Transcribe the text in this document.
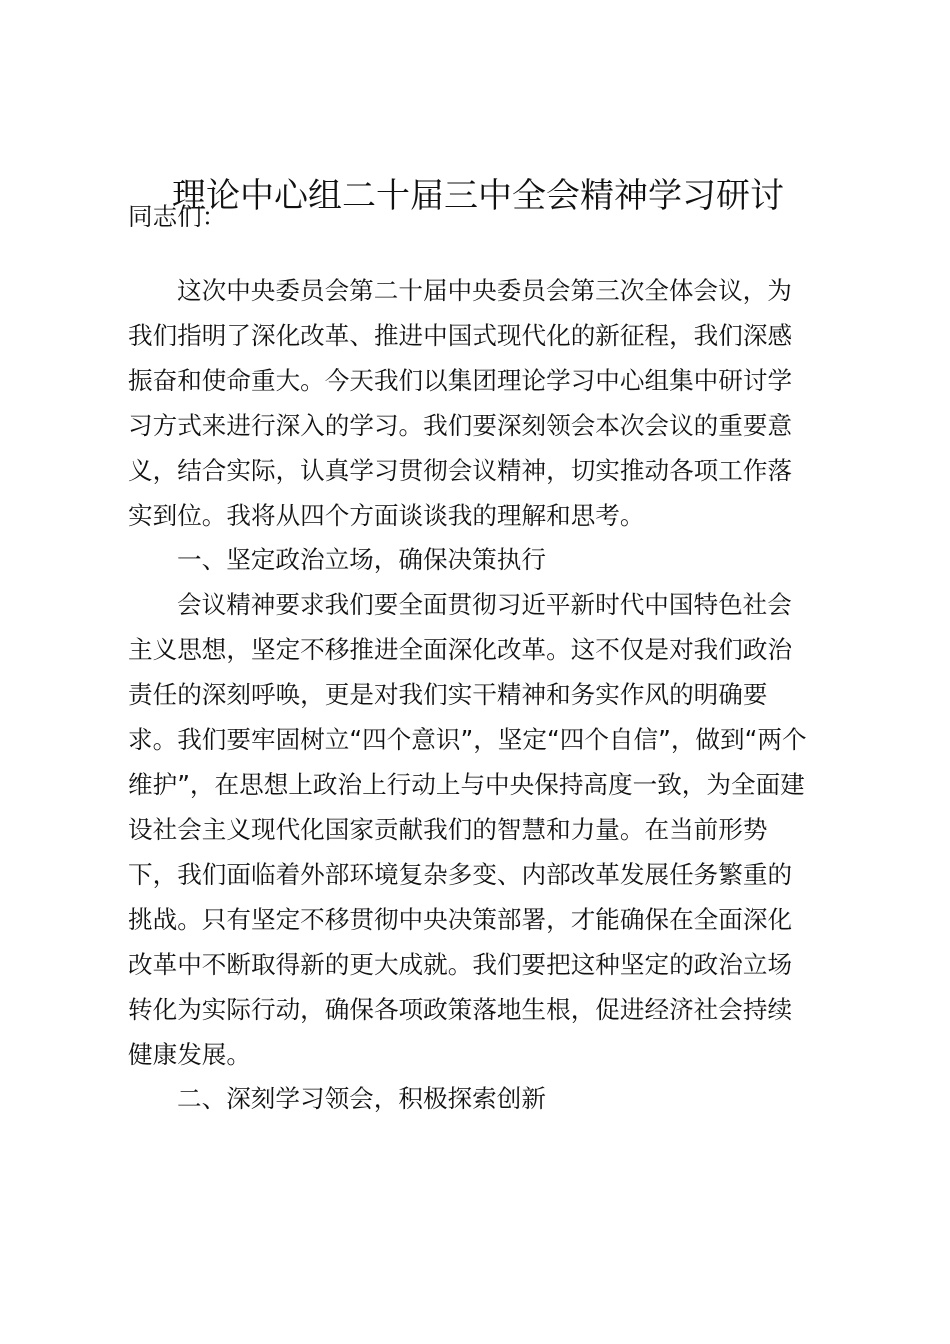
理论中心组二十届三中全会精神学习研讨
同志们：
这次中央委员会第二十届中央委员会第三次全体会议，为
我们指明了深化改革、推进中国式现代化的新征程，我们深感
振奋和使命重大。今天我们以集团理论学习中心组集中研讨学
习方式来进行深入的学习。我们要深刻领会本次会议的重要意
义，结合实际，认真学习贯彻会议精神，切实推动各项工作落
实到位。我将从四个方面谈谈我的理解和思考。
一、坚定政治立场，确保决策执行
会议精神要求我们要全面贯彻习近平新时代中国特色社会
主义思想，坚定不移推进全面深化改革。这不仅是对我们政治
责任的深刻呼唤，更是对我们实干精神和务实作风的明确要
求。我们要牢固树立“四个意识”，坚定“四个自信”，做到“两个
维护”，在思想上政治上行动上与中央保持高度一致，为全面建
设社会主义现代化国家贡献我们的智慧和力量。在当前形势
下，我们面临着外部环境复杂多变、内部改革发展任务繁重的
挑战。只有坚定不移贯彻中央决策部署，才能确保在全面深化
改革中不断取得新的更大成就。我们要把这种坚定的政治立场
转化为实际行动，确保各项政策落地生根，促进经济社会持续
健康发展。
二、深刻学习领会，积极探索创新
